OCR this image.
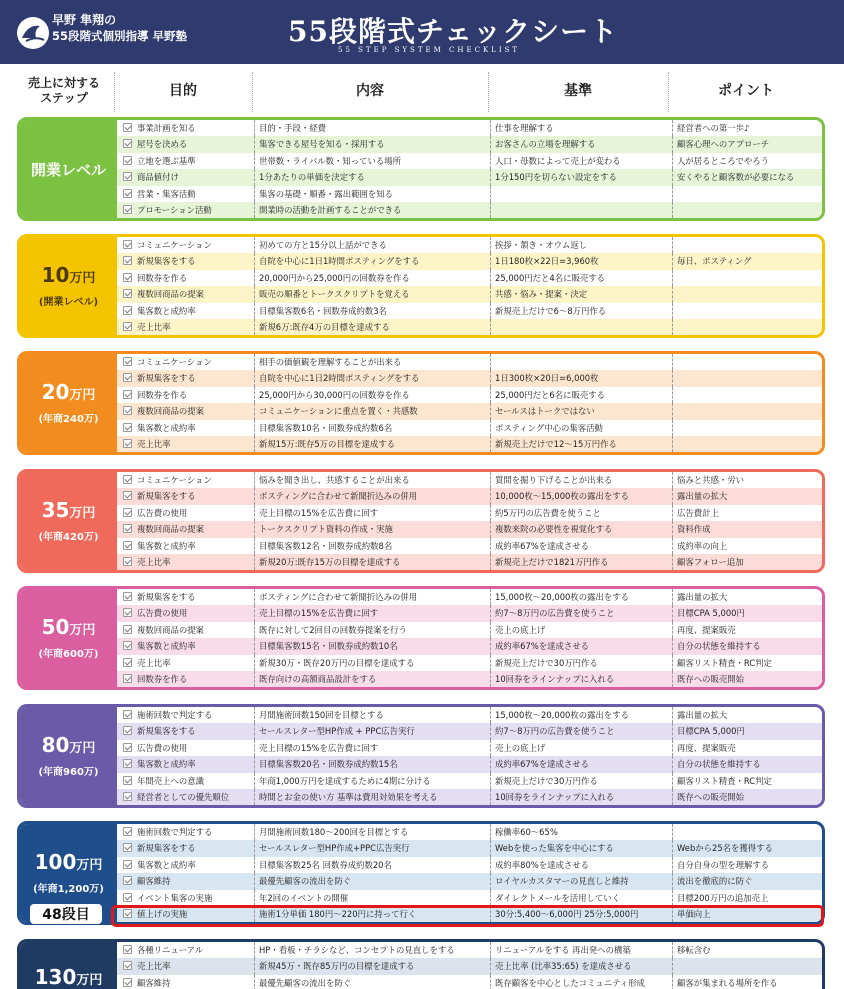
早野 隼翔の
55段階式個別指導 早野塾	55段階式チェックシート
55 STEP SYSTEM CHECKLIST
売上に対する
ステップ	目的	内容	基準	ポイント
開業レベル
事業計画を知る	目的・手段・経費	仕事を理解する	経営者への第一歩♪
屋号を決める	集客できる屋号を知る・採用する	お客さんの立場を理解する	顧客心理へのアプローチ
立地を選ぶ基準	世帯数・ライバル数・知っている場所	人口・母数によって売上が変わる	人が居るところでやろう
商品値付け	1分あたりの単価を決定する	1分150円を切らない設定をする	安くやると顧客数が必要になる
営業・集客活動	集客の基礎・順番・露出範囲を知る
プロモーション活動	開業時の活動を計画することができる
10万円
(開業レベル)
コミュニケーション	初めての方と15分以上話ができる	挨拶・頷き・オウム返し
新規集客をする	自院を中心に1日1時間ポスティングをする	1日180枚×22日=3,960枚	毎日、ポスティング
回数券を作る	20,000円から25,000円の回数券を作る	25,000円だと4名に販売する
複数回商品の提案	販売の順番とトークスクリプトを覚える	共感・悩み・提案・決定
集客数と成約率	目標集客数6名・回数券成約数3名	新規売上だけで6～8万円作る
売上比率	新規6万:既存4万の目標を達成する
20万円
(年商240万)
コミュニケーション	相手の価値観を理解することが出来る
新規集客をする	自院を中心に1日2時間ポスティングをする	1日300枚×20日=6,000枚
回数券を作る	25,000円から30,000円の回数券を作る	25,000円だと6名に販売する
複数回商品の提案	コミュニケーションに重点を置く・共感数	セールスはトークではない
集客数と成約率	目標集客数10名・回数券成約数6名	ポスティング中心の集客活動
売上比率	新規15万:既存5万の目標を達成する	新規売上だけで12～15万円作る
35万円
(年商420万)
コミュニケーション	悩みを聞き出し、共感することが出来る	質問を掘り下げることが出来る	悩みと共感・労い
新規集客をする	ポスティングに合わせて新聞折込みの併用	10,000枚～15,000枚の露出をする	露出量の拡大
広告費の使用	売上目標の15%を広告費に回す	約5万円の広告費を使うこと	広告費計上
複数回商品の提案	トークスクリプト資料の作成・実施	複数来院の必要性を視覚化する	資料作成
集客数と成約率	目標集客数12名・回数券成約数8名	成約率67%を達成させる	成約率の向上
売上比率	新規20万:既存15万の目標を達成する	新規売上だけで1821万円作る	顧客フォロー追加
50万円
(年商600万)
新規集客をする	ポスティングに合わせて新聞折込みの併用	15,000枚～20,000枚の露出をする	露出量の拡大
広告費の使用	売上目標の15%を広告費に回す	約7～8万円の広告費を使うこと	目標CPA 5,000円
複数回商品の提案	既存に対して2回目の回数券提案を行う	売上の底上げ	再度、提案販売
集客数と成約率	目標集客数15名・回数券成約数10名	成約率67%を達成させる	自分の状態を維持する
売上比率	新規30万・既存20万円の目標を達成する	新規売上だけで30万円作る	顧客リスト精査・RC判定
回数券を作る	既存向けの高額商品設計をする	10回券をラインナップに入れる	既存への販売開始
80万円
(年商960万)
施術回数で判定する	月間施術回数150回を目標とする	15,000枚～20,000枚の露出をする	露出量の拡大
新規集客をする	セールスレター型HP作成 + PPC広告実行	約7～8万円の広告費を使うこと	目標CPA 5,000円
広告費の使用	売上目標の15%を広告費に回す	売上の底上げ	再度、提案販売
集客数と成約率	目標集客数20名・回数券成約数15名	成約率67%を達成させる	自分の状態を維持する
年間売上への意識	年商1,000万円を達成するために4期に分ける	新規売上だけで30万円作る	顧客リスト精査・RC判定
経営者としての優先順位	時間とお金の使い方 基準は費用対効果を考える	10回券をラインナップに入れる	既存への販売開始
100万円
(年商1,200万)
施術回数で判定する	月間施術回数180～200回を目標とする	稼働率60～65%
新規集客をする	セールスレター型HP作成+PPC広告実行	Webを使った集客を中心にする	Webから25名を獲得する
集客数と成約率	目標集客数25名 回数券成約数20名	成約率80%を達成させる	自分自身の型を理解する
顧客維持	最優先顧客の流出を防ぐ	ロイヤルカスタマーの見直しと維持	流出を徹底的に防ぐ
イベント集客の実施	年2回のイベントの開催	ダイレクトメールを活用していく	目標200万円の追加売上
値上げの実施	施術1分単価 180円～220円に持って行く	30分:5,400～6,000円 25分:5,000円	単価向上
130万円
各種リニューアル	HP・看板・チラシなど、コンセプトの見直しをする	リニューアルをする 再出発への構築	移転含む
売上比率	新規45万・既存85万円の目標を達成する	売上比率 (比率35:65) を達成させる
顧客維持	最優先顧客の流出を防ぐ	既存顧客を中心としたコミュニティ形成	顧客が集まれる場所を作る
48段目
